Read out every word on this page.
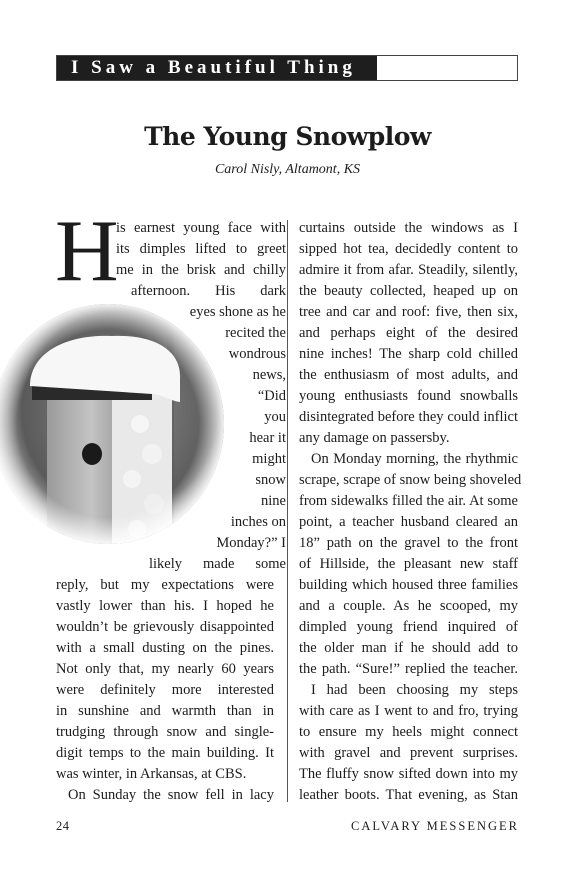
I Saw a Beautiful Thing
The Young Snowplow
Carol Nisly, Altamont, KS
H
is earnest young face with
its dimples lifted to greet
me in the brisk and chilly
afternoon. His dark
eyes shone as he
recited the
wondrous
news,
“Did
you
hear it
might
snow
nine
inches on
Monday?” I
likely made some
reply, but my expectations were
vastly lower than his. I hoped he
wouldn’t be grievously disappointed
with a small dusting on the pines.
Not only that, my nearly 60 years
were definitely more interested
in sunshine and warmth than in
trudging through snow and single-
digit temps to the main building. It
was winter, in Arkansas, at CBS.
On Sunday the snow fell in lacy
curtains outside the windows as I
sipped hot tea, decidedly content to
admire it from afar. Steadily, silently,
the beauty collected, heaped up on
tree and car and roof: five, then six,
and perhaps eight of the desired
nine inches! The sharp cold chilled
the enthusiasm of most adults, and
young enthusiasts found snowballs
disintegrated before they could inflict
any damage on passersby.
On Monday morning, the rhythmic
scrape, scrape of snow being shoveled
from sidewalks filled the air. At some
point, a teacher husband cleared an
18” path on the gravel to the front
of Hillside, the pleasant new staff
building which housed three families
and a couple. As he scooped, my
dimpled young friend inquired of
the older man if he should add to
the path. “Sure!” replied the teacher.
I had been choosing my steps
with care as I went to and fro, trying
to ensure my heels might connect
with gravel and prevent surprises.
The fluffy snow sifted down into my
leather boots. That evening, as Stan
24	CALVARY MESSENGER
